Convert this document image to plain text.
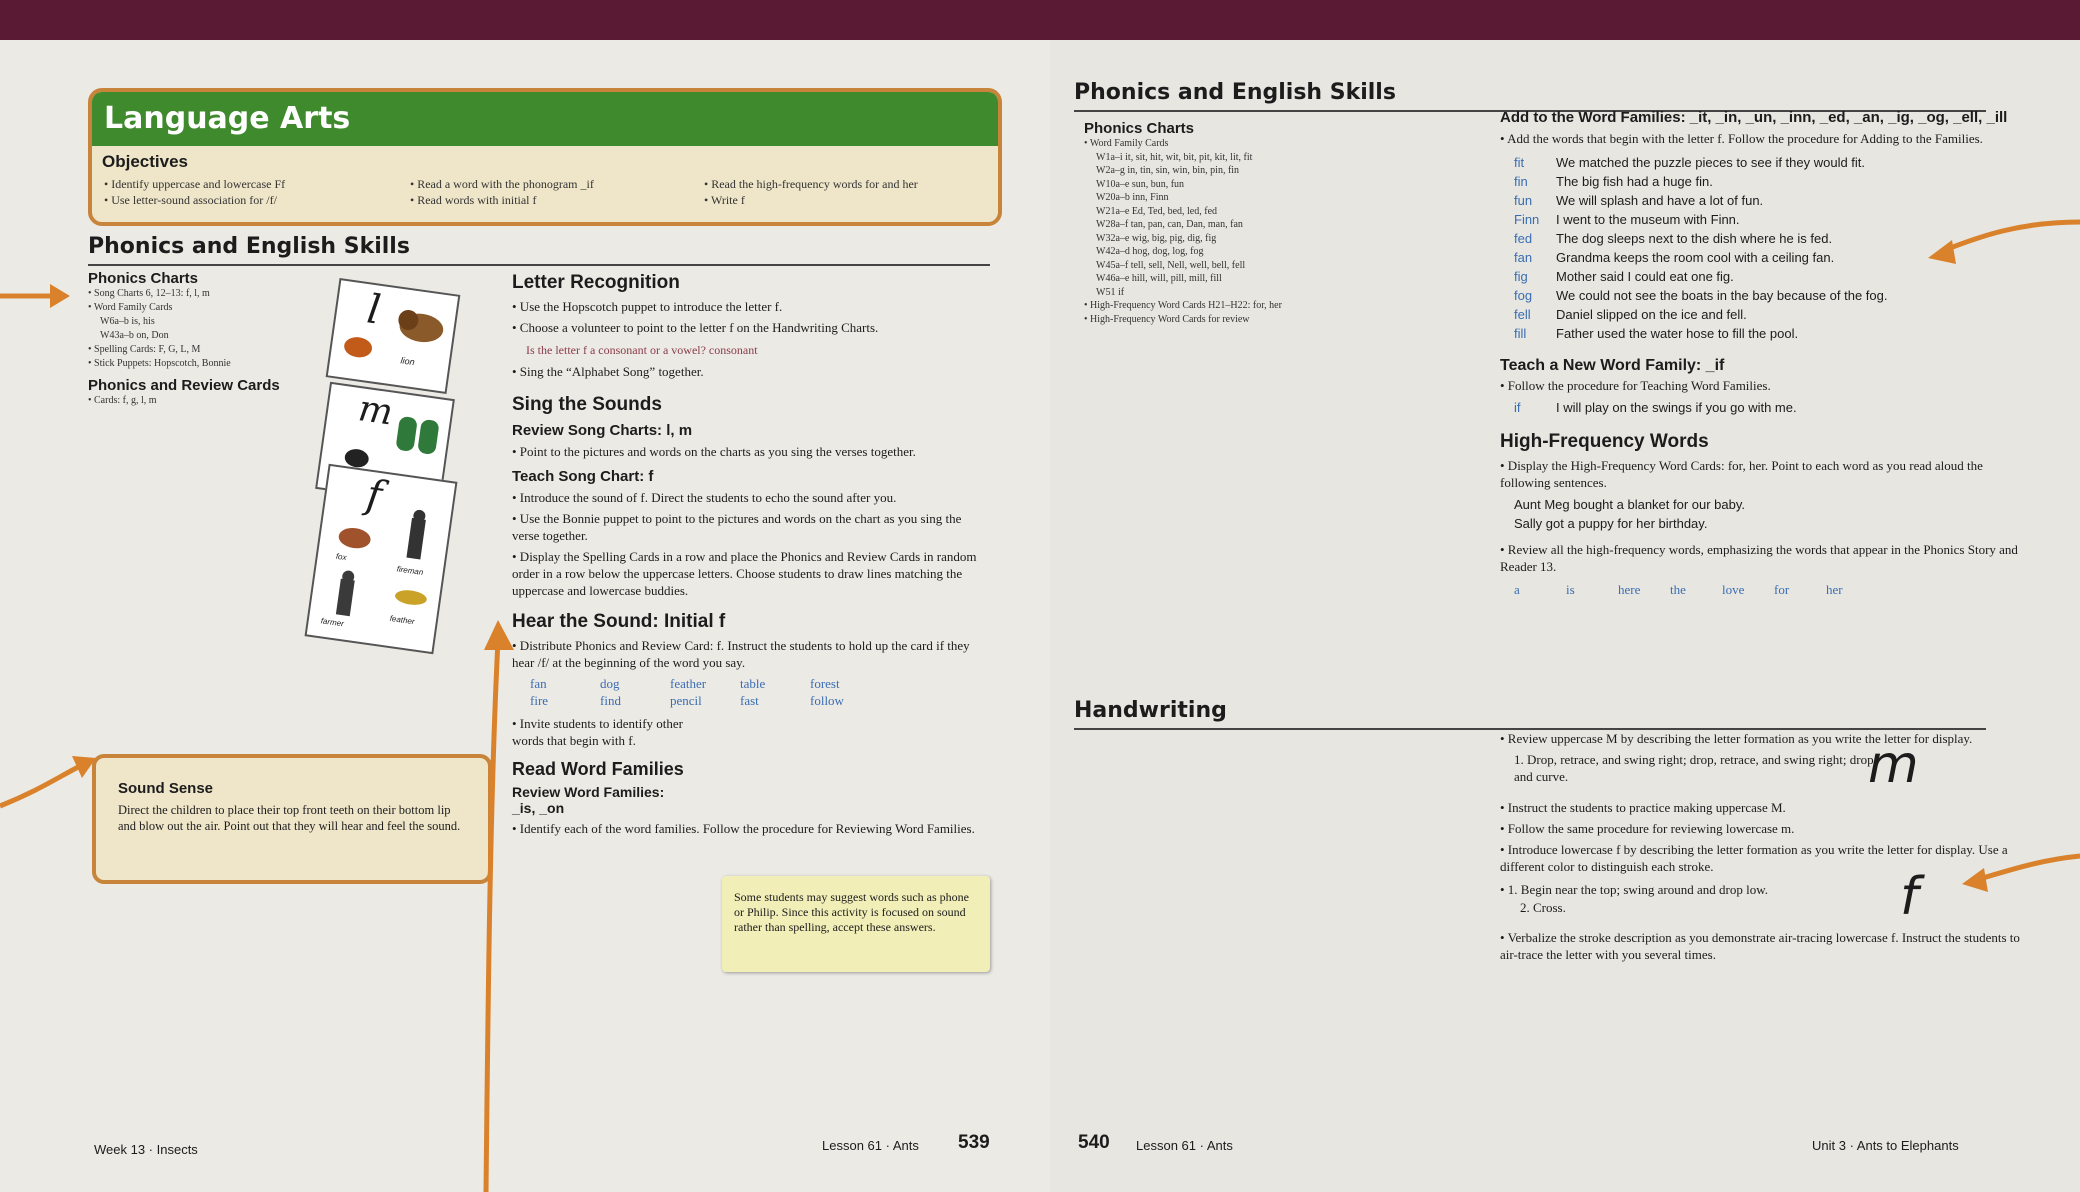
Language Arts
Objectives
• Identify uppercase and lowercase Ff
• Use letter-sound association for /f/
• Read a word with the phonogram _if
• Read words with initial f
• Read the high-frequency words for and her
• Write f
Phonics and English Skills
Phonics Charts
• Song Charts 6, 12–13: f, l, m
• Word Family Cards
W6a–b is, his
W43a–b on, Don
• Spelling Cards: F, G, L, M
• Stick Puppets: Hopscotch, Bonnie
Phonics and Review Cards
• Cards: f, g, l, m
l
lion
m
f
fox
fireman
farmer	feather
Letter Recognition
• Use the Hopscotch puppet to introduce the letter f.
• Choose a volunteer to point to the letter f on the Handwriting Charts.
Is the letter f a consonant or a vowel? consonant
• Sing the “Alphabet Song” together.
Sing the Sounds
Review Song Charts: l, m
• Point to the pictures and words on the charts as you sing the verses together.
Teach Song Chart: f
• Introduce the sound of f. Direct the students to echo the sound after you.
• Use the Bonnie puppet to point to the pictures and words on the chart as you sing the verse together.
• Display the Spelling Cards in a row and place the Phonics and Review Cards in random order in a row below the uppercase letters. Choose students to draw lines matching the uppercase and lowercase buddies.
Hear the Sound: Initial f
• Distribute Phonics and Review Card: f. Instruct the students to hold up the card if they hear /f/ at the beginning of the word you say.
fan	dog	feather	table	forest
fire	find	pencil	fast	follow
• Invite students to identify other words that begin with f.
Read Word Families
Review Word Families:
_is, _on
• Identify each of the word families. Follow the procedure for Reviewing Word Families.
Some students may suggest words such as phone or Philip. Since this activity is focused on sound rather than spelling, accept these answers.
Sound Sense
Direct the children to place their top front teeth on their bottom lip and blow out the air. Point out that they will hear and feel the sound.
Week 13 · Insects	Lesson 61 · Ants 539
Phonics and English Skills
Phonics Charts
• Word Family Cards
W1a–i it, sit, hit, wit, bit, pit, kit, lit, fit
W2a–g in, tin, sin, win, bin, pin, fin
W10a–e sun, bun, fun
W20a–b inn, Finn
W21a–e Ed, Ted, bed, led, fed
W28a–f tan, pan, can, Dan, man, fan
W32a–e wig, big, pig, dig, fig
W42a–d hog, dog, log, fog
W45a–f tell, sell, Nell, well, bell, fell
W46a–e hill, will, pill, mill, fill
W51 if
• High-Frequency Word Cards H21–H22: for, her
• High-Frequency Word Cards for review
Add to the Word Families: _it, _in, _un, _inn, _ed, _an, _ig, _og, _ell, _ill
• Add the words that begin with the letter f. Follow the procedure for Adding to the Families.
fit We matched the puzzle pieces to see if they would fit.
fin The big fish had a huge fin.
fun We will splash and have a lot of fun.
Finn I went to the museum with Finn.
fed The dog sleeps next to the dish where he is fed.
fan Grandma keeps the room cool with a ceiling fan.
fig Mother said I could eat one fig.
fog We could not see the boats in the bay because of the fog.
fell Daniel slipped on the ice and fell.
fill Father used the water hose to fill the pool.
Teach a New Word Family: _if
• Follow the procedure for Teaching Word Families.
if	I will play on the swings if you go with me.
High-Frequency Words
• Display the High-Frequency Word Cards: for, her. Point to each word as you read aloud the following sentences.
Aunt Meg bought a blanket for our baby.
Sally got a puppy for her birthday.
• Review all the high-frequency words, emphasizing the words that appear in the Phonics Story and Reader 13.
a	is	here the	love for	her
Handwriting
• Review uppercase M by describing the letter formation as you write the letter for display.
1. Drop, retrace, and swing right; drop, retrace, and swing right; drop and curve.	m
• Instruct the students to practice making uppercase M.
• Follow the same procedure for reviewing lowercase m.
• Introduce lowercase f by describing the letter formation as you write the letter for display. Use a different color to distinguish each stroke.
• 1. Begin near the top; swing around and drop low.
2. Cross.	f
• Verbalize the stroke description as you demonstrate air-tracing lowercase f. Instruct the students to air-trace the letter with you several times.
540 Lesson 61 · Ants	Unit 3 · Ants to Elephants
